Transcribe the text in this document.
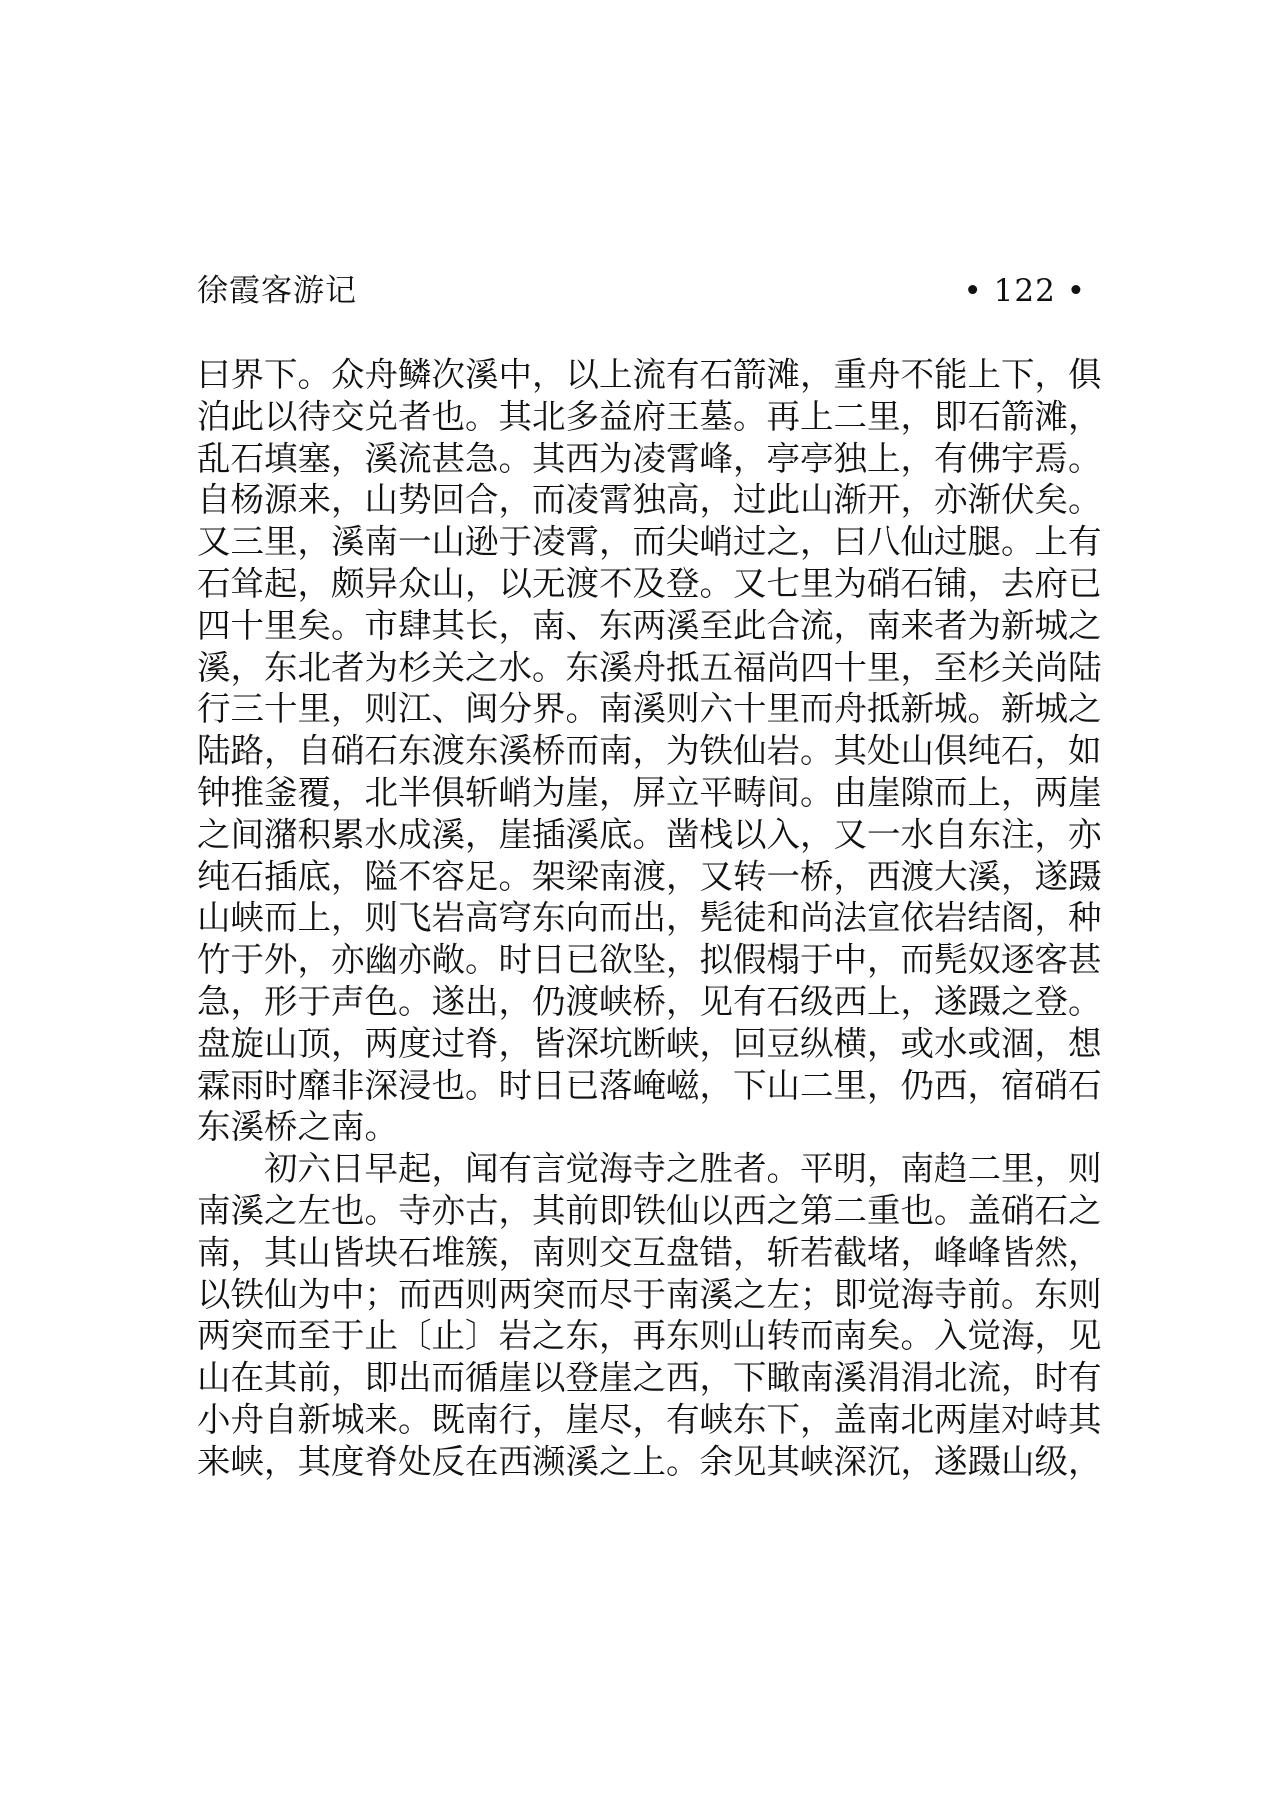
徐霞客游记	• 122 •
曰界下。众舟鳞次溪中，以上流有石箭滩，重舟不能上下，俱
泊此以待交兑者也。其北多益府王墓。再上二里，即石箭滩，
乱石填塞，溪流甚急。其西为凌霄峰，亭亭独上，有佛宇焉。
自杨源来，山势回合，而凌霄独高，过此山渐开，亦渐伏矣。
又三里，溪南一山逊于凌霄，而尖峭过之，曰八仙过腿。上有
石耸起，颇异众山，以无渡不及登。又七里为硝石铺，去府已
四十里矣。市肆其长，南、东两溪至此合流，南来者为新城之
溪，东北者为杉关之水。东溪舟抵五福尚四十里，至杉关尚陆
行三十里，则江、闽分界。南溪则六十里而舟抵新城。新城之
陆路，自硝石东渡东溪桥而南，为铁仙岩。其处山俱纯石，如
钟推釜覆，北半俱斩峭为崖，屏立平畴间。由崖隙而上，两崖
之间潴积累水成溪，崖插溪底。凿栈以入，又一水自东注，亦
纯石插底，隘不容足。架梁南渡，又转一桥，西渡大溪，遂蹑
山峡而上，则飞岩高穹东向而出，髡徒和尚法宣依岩结阁，种
竹于外，亦幽亦敞。时日已欲坠，拟假榻于中，而髡奴逐客甚
急，形于声色。遂出，仍渡峡桥，见有石级西上，遂蹑之登。
盘旋山顶，两度过脊，皆深坑断峡，回豆纵横，或水或涸，想
霖雨时靡非深浸也。时日已落崦嵫，下山二里，仍西，宿硝石
东溪桥之南。
初六日早起，闻有言觉海寺之胜者。平明，南趋二里，则
南溪之左也。寺亦古，其前即铁仙以西之第二重也。盖硝石之
南，其山皆块石堆簇，南则交互盘错，斩若截堵，峰峰皆然，
以铁仙为中；而西则两突而尽于南溪之左；即觉海寺前。东则
两突而至于止〔止〕岩之东，再东则山转而南矣。入觉海，见
山在其前，即出而循崖以登崖之西，下瞰南溪涓涓北流，时有
小舟自新城来。既南行，崖尽，有峡东下，盖南北两崖对峙其
来峡，其度脊处反在西濒溪之上。余见其峡深沉，遂蹑山级，
